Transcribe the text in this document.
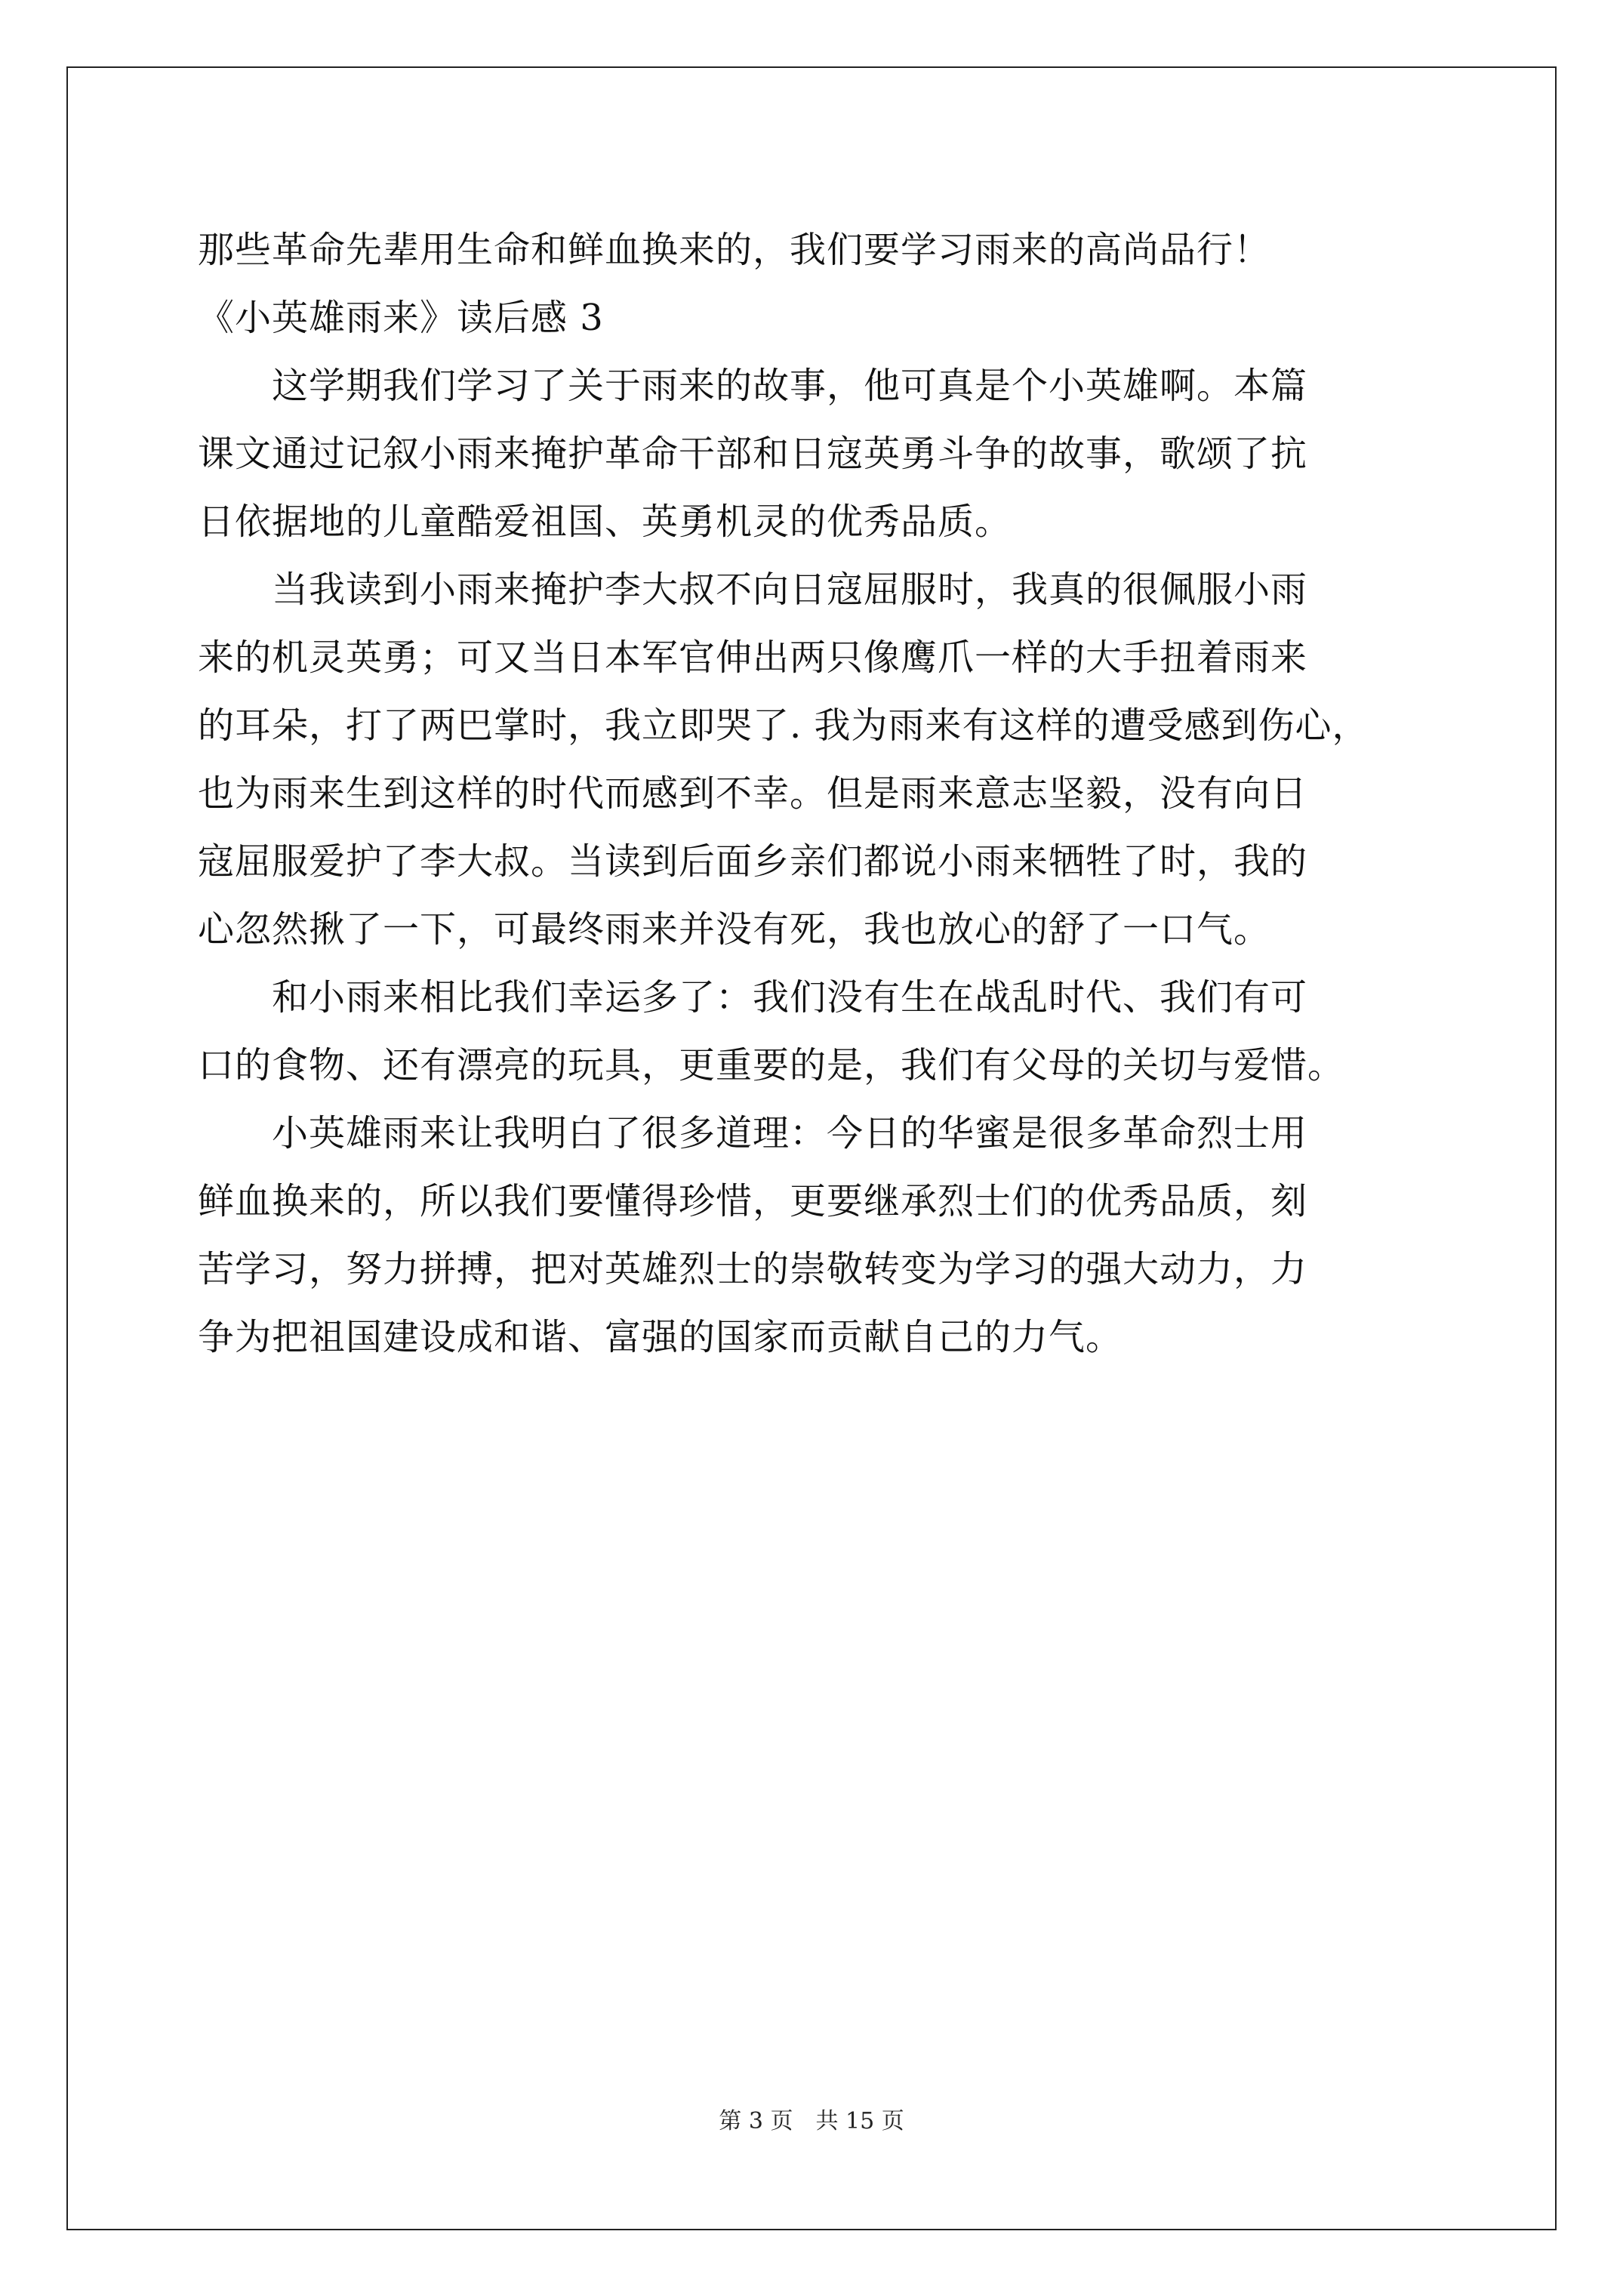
那些革命先辈用生命和鲜血换来的，我们要学习雨来的高尚品行！
《小英雄雨来》读后感 3
　　这学期我们学习了关于雨来的故事，他可真是个小英雄啊。本篇
课文通过记叙小雨来掩护革命干部和日寇英勇斗争的故事，歌颂了抗
日依据地的儿童酷爱祖国、英勇机灵的优秀品质。
　　当我读到小雨来掩护李大叔不向日寇屈服时，我真的很佩服小雨
来的机灵英勇；可又当日本军官伸出两只像鹰爪一样的大手扭着雨来
的耳朵，打了两巴掌时，我立即哭了. 我为雨来有这样的遭受感到伤心，
也为雨来生到这样的时代而感到不幸。但是雨来意志坚毅，没有向日
寇屈服爱护了李大叔。当读到后面乡亲们都说小雨来牺牲了时，我的
心忽然揪了一下，可最终雨来并没有死，我也放心的舒了一口气。
　　和小雨来相比我们幸运多了：我们没有生在战乱时代、我们有可
口的食物、还有漂亮的玩具，更重要的是，我们有父母的关切与爱惜。
　　小英雄雨来让我明白了很多道理：今日的华蜜是很多革命烈士用
鲜血换来的，所以我们要懂得珍惜，更要继承烈士们的优秀品质，刻
苦学习，努力拼搏，把对英雄烈士的崇敬转变为学习的强大动力，力
争为把祖国建设成和谐、富强的国家而贡献自己的力气。
第 3 页　共 15 页
